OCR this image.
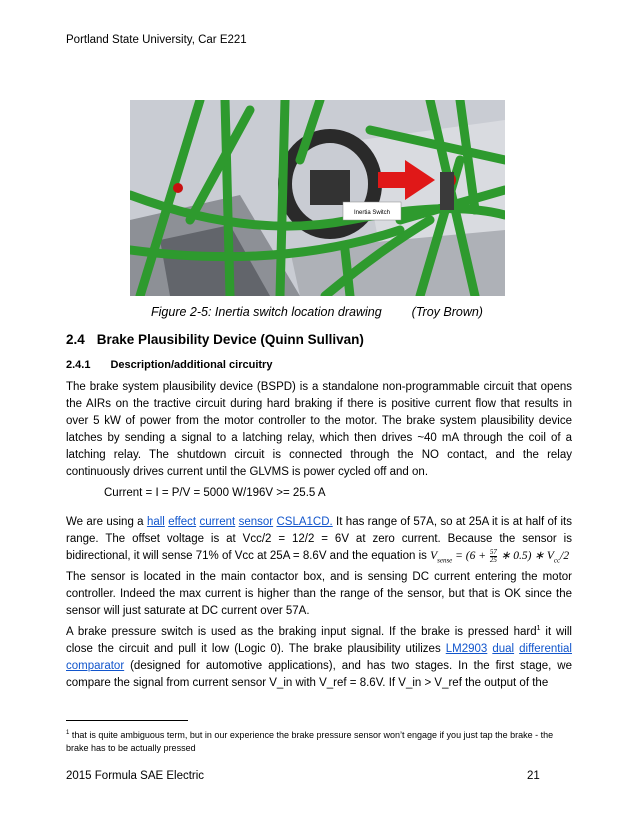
Portland State University, Car E221
Inertia Switch
Figure 2-5: Inertia switch location drawing (Troy Brown)
2.4 Brake Plausibility Device (Quinn Sullivan)
2.4.1 Description/additional circuitry
The brake system plausibility device (BSPD) is a standalone non-programmable circuit that opens the AIRs on the tractive circuit during hard braking if there is positive current flow that results in over 5 kW of power from the motor controller to the motor. The brake system plausibility device latches by sending a signal to a latching relay, which then drives ~40 mA through the coil of a latching relay. The shutdown circuit is connected through the NO contact, and the relay continuously drives current until the GLVMS is power cycled off and on.
Current = I = P/V = 5000 W/196V >= 25.5 A
We are using a hall effect current sensor CSLA1CD. It has range of 57A, so at 25A it is at half of its range. The offset voltage is at Vcc/2 = 12/2 = 6V at zero current. Because the sensor is bidirectional, it will sense 71% of Vcc at 25A = 8.6V and the equation is $V_{sense} = (6 + \frac{57}{25}$ ∗ 0.5) ∗ $V_{cc}/2$
The sensor is located in the main contactor box, and is sensing DC current entering the motor controller. Indeed the max current is higher than the range of the sensor, but that is OK since the sensor will just saturate at DC current over 57A.
A brake pressure switch is used as the braking input signal. If the brake is pressed hard$^1$ it will close the circuit and pull it low (Logic 0). The brake plausibility utilizes LM2903 dual differential comparator (designed for automotive applications), and has two stages. In the first stage, we compare the signal from current sensor V_in with V_ref = 8.6V. If V_in > V_ref the output of the
$^1$ that is quite ambiguous term, but in our experience the brake pressure sensor won’t engage if you just tap the brake - the brake has to be actually pressed
2015 Formula SAE Electric	21
